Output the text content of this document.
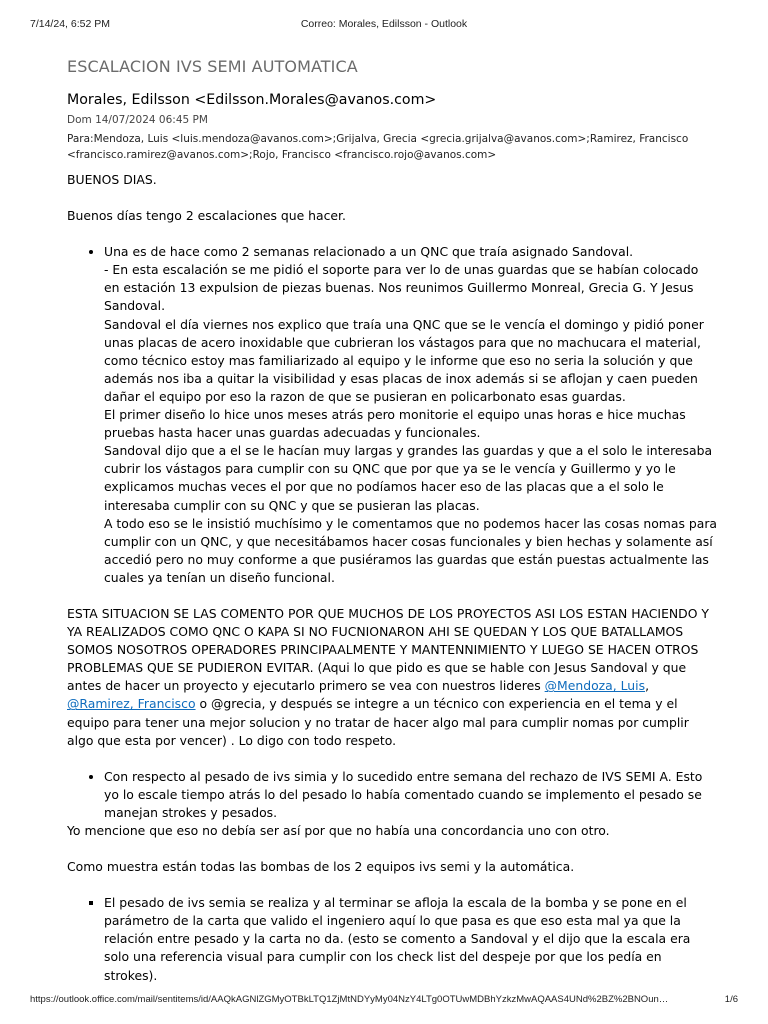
7/14/24, 6:52 PM	Correo: Morales, Edilsson - Outlook
ESCALACION IVS SEMI AUTOMATICA
Morales, Edilsson <Edilsson.Morales@avanos.com>
Dom 14/07/2024 06:45 PM
Para:Mendoza, Luis <luis.mendoza@avanos.com>;Grijalva, Grecia <grecia.grijalva@avanos.com>;Ramirez, Francisco
<francisco.ramirez@avanos.com>;Rojo, Francisco <francisco.rojo@avanos.com>

BUENOS DIAS.

Buenos días tengo 2 escalaciones que hacer.

• Una es de hace como 2 semanas relacionado a un QNC que traía asignado Sandoval.
- En esta escalación se me pidió el soporte para ver lo de unas guardas que se habían colocado en estación 13 expulsion de piezas buenas. Nos reunimos Guillermo Monreal, Grecia G. Y Jesus Sandoval.
Sandoval el día viernes nos explico que traía una QNC que se le vencía el domingo y pidió poner unas placas de acero inoxidable que cubrieran los vástagos para que no machucara el material, como técnico estoy mas familiarizado al equipo y le informe que eso no seria la solución y que además nos iba a quitar la visibilidad y esas placas de inox además si se aflojan y caen pueden dañar el equipo por eso la razon de que se pusieran en policarbonato esas guardas.
El primer diseño lo hice unos meses atrás pero monitorie el equipo unas horas e hice muchas pruebas hasta hacer unas guardas adecuadas y funcionales.
Sandoval dijo que a el se le hacían muy largas y grandes las guardas y que a el solo le interesaba cubrir los vástagos para cumplir con su QNC que por que ya se le vencía y Guillermo y yo le explicamos muchas veces el por que no podíamos hacer eso de las placas que a el solo le interesaba cumplir con su QNC y que se pusieran las placas.
A todo eso se le insistió muchísimo y le comentamos que no podemos hacer las cosas nomas para cumplir con un QNC, y que necesitábamos hacer cosas funcionales y bien hechas y solamente así accedió pero no muy conforme a que pusiéramos las guardas que están puestas actualmente las cuales ya tenían un diseño funcional.

ESTA SITUACION SE LAS COMENTO POR QUE MUCHOS DE LOS PROYECTOS ASI LOS ESTAN HACIENDO Y YA REALIZADOS COMO QNC O KAPA SI NO FUCNIONARON AHI SE QUEDAN Y LOS QUE BATALLAMOS SOMOS NOSOTROS OPERADORES PRINCIPAALMENTE Y MANTENNIMIENTO Y LUEGO SE HACEN OTROS PROBLEMAS QUE SE PUDIERON EVITAR. (Aqui lo que pido es que se hable con Jesus Sandoval y que antes de hacer un proyecto y ejecutarlo primero se vea con nuestros lideres @Mendoza, Luis,
@Ramirez, Francisco o @grecia, y después se integre a un técnico con experiencia en el tema y el equipo para tener una mejor solucion y no tratar de hacer algo mal para cumplir nomas por cumplir algo que esta por vencer) . Lo digo con todo respeto.

• Con respecto al pesado de ivs simia y lo sucedido entre semana del rechazo de IVS SEMI A. Esto yo lo escale tiempo atrás lo del pesado lo había comentado cuando se implemento el pesado se manejan strokes y pesados.

Yo mencione que eso no debía ser así por que no había una concordancia uno con otro.

Como muestra están todas las bombas de los 2 equipos ivs semi y la automática.

▪ El pesado de ivs semia se realiza y al terminar se afloja la escala de la bomba y se pone en el parámetro de la carta que valido el ingeniero aquí lo que pasa es que eso esta mal ya que la relación entre pesado y la carta no da. (esto se comento a Sandoval y el dijo que la escala era solo una referencia visual para cumplir con los check list del despeje por que los pedía en strokes).
https://outlook.office.com/mail/sentitems/id/AAQkAGNlZGMyOTBkLTQ1ZjMtNDYyMy04NzY4LTg0OTUwMDBhYzkzMwAQAAS4UNd%2BZ%2BNOun…	1/6
